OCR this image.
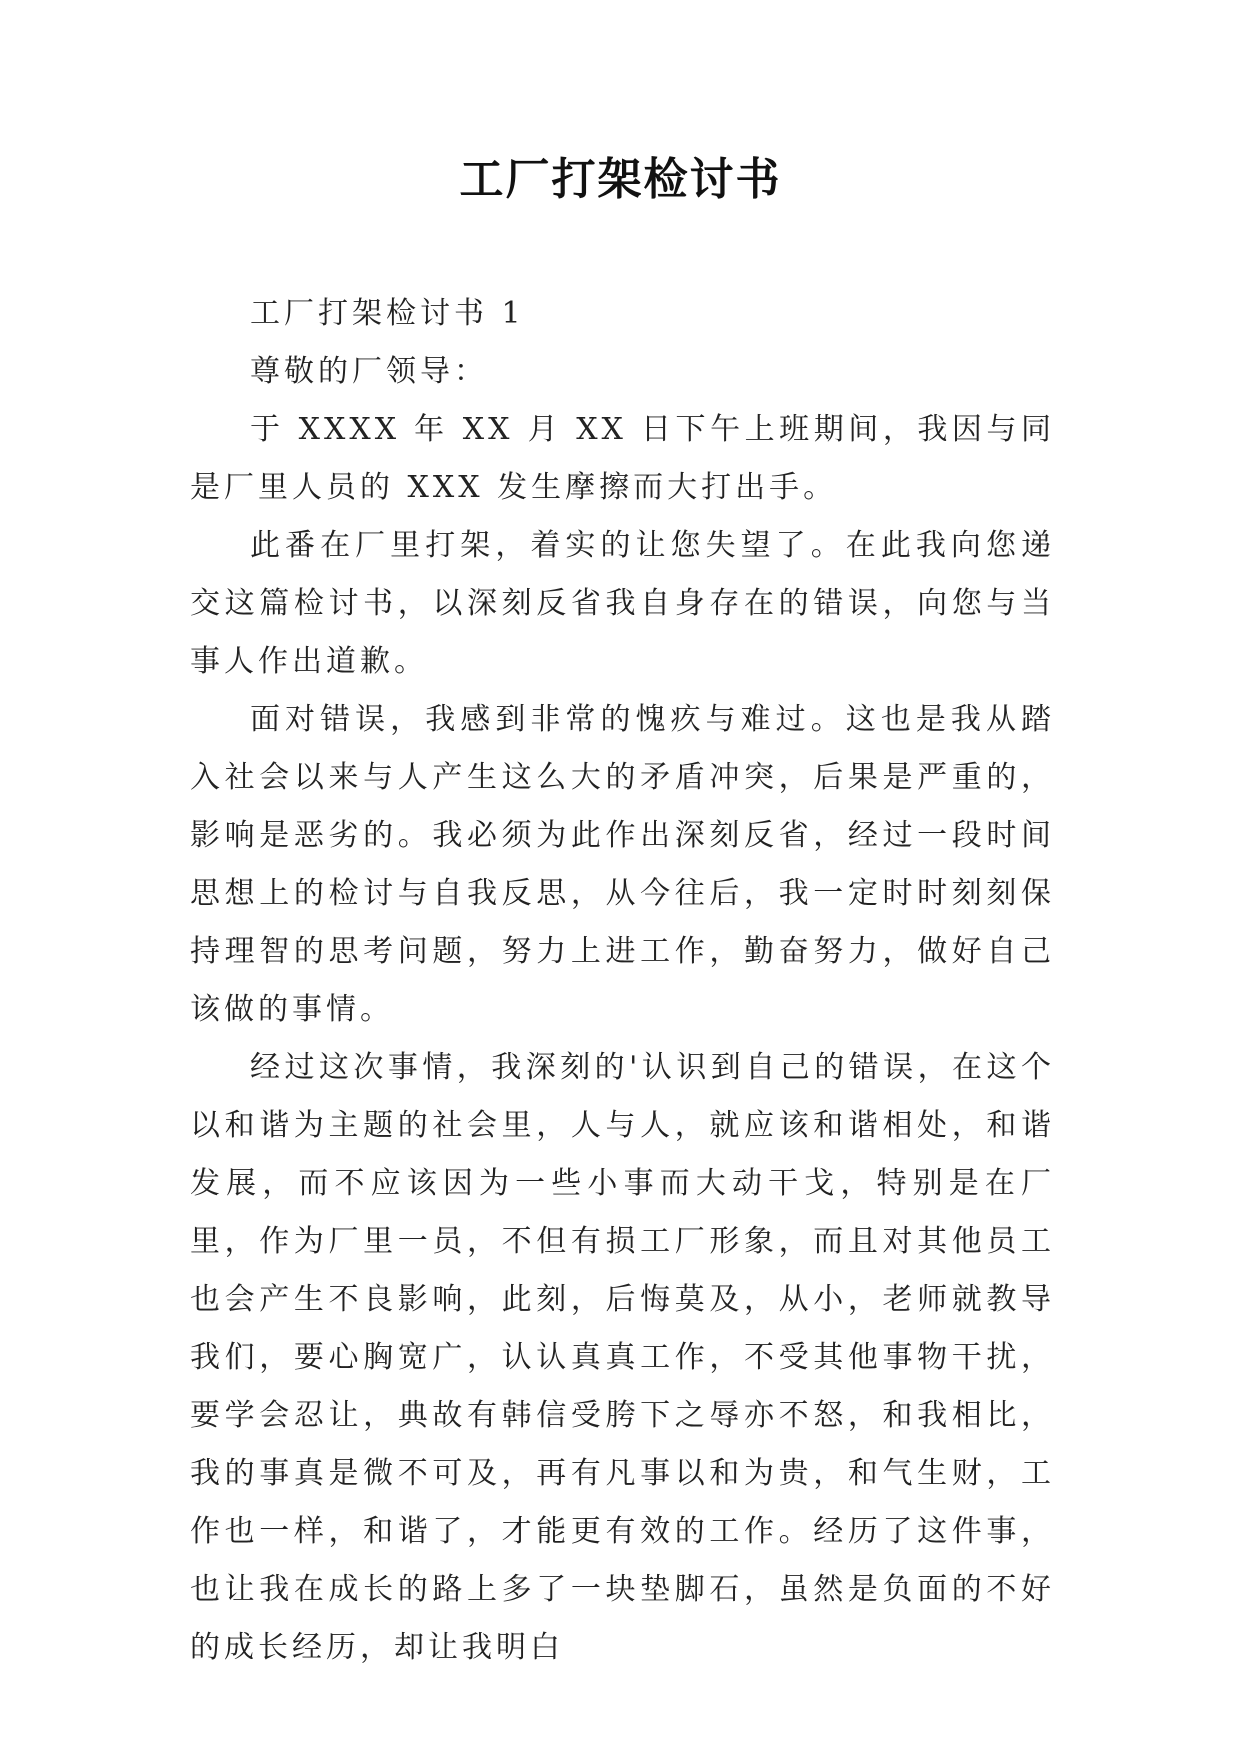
工厂打架检讨书

工厂打架检讨书 1

尊敬的厂领导：

于 XXXX 年 XX 月 XX 日下午上班期间，我因与同是厂里人员的 XXX 发生摩擦而大打出手。

此番在厂里打架，着实的让您失望了。在此我向您递交这篇检讨书，以深刻反省我自身存在的错误，向您与当事人作出道歉。

面对错误，我感到非常的愧疚与难过。这也是我从踏入社会以来与人产生这么大的矛盾冲突，后果是严重的，影响是恶劣的。我必须为此作出深刻反省，经过一段时间思想上的检讨与自我反思，从今往后，我一定时时刻刻保持理智的思考问题，努力上进工作，勤奋努力，做好自己该做的事情。

经过这次事情，我深刻的'认识到自己的错误，在这个以和谐为主题的社会里，人与人，就应该和谐相处，和谐发展，而不应该因为一些小事而大动干戈，特别是在厂里，作为厂里一员，不但有损工厂形象，而且对其他员工也会产生不良影响，此刻，后悔莫及，从小，老师就教导我们，要心胸宽广，认认真真工作，不受其他事物干扰，要学会忍让，典故有韩信受胯下之辱亦不怒，和我相比，我的事真是微不可及，再有凡事以和为贵，和气生财，工作也一样，和谐了，才能更有效的工作。经历了这件事，也让我在成长的路上多了一块垫脚石，虽然是负面的不好的成长经历，却让我明白
